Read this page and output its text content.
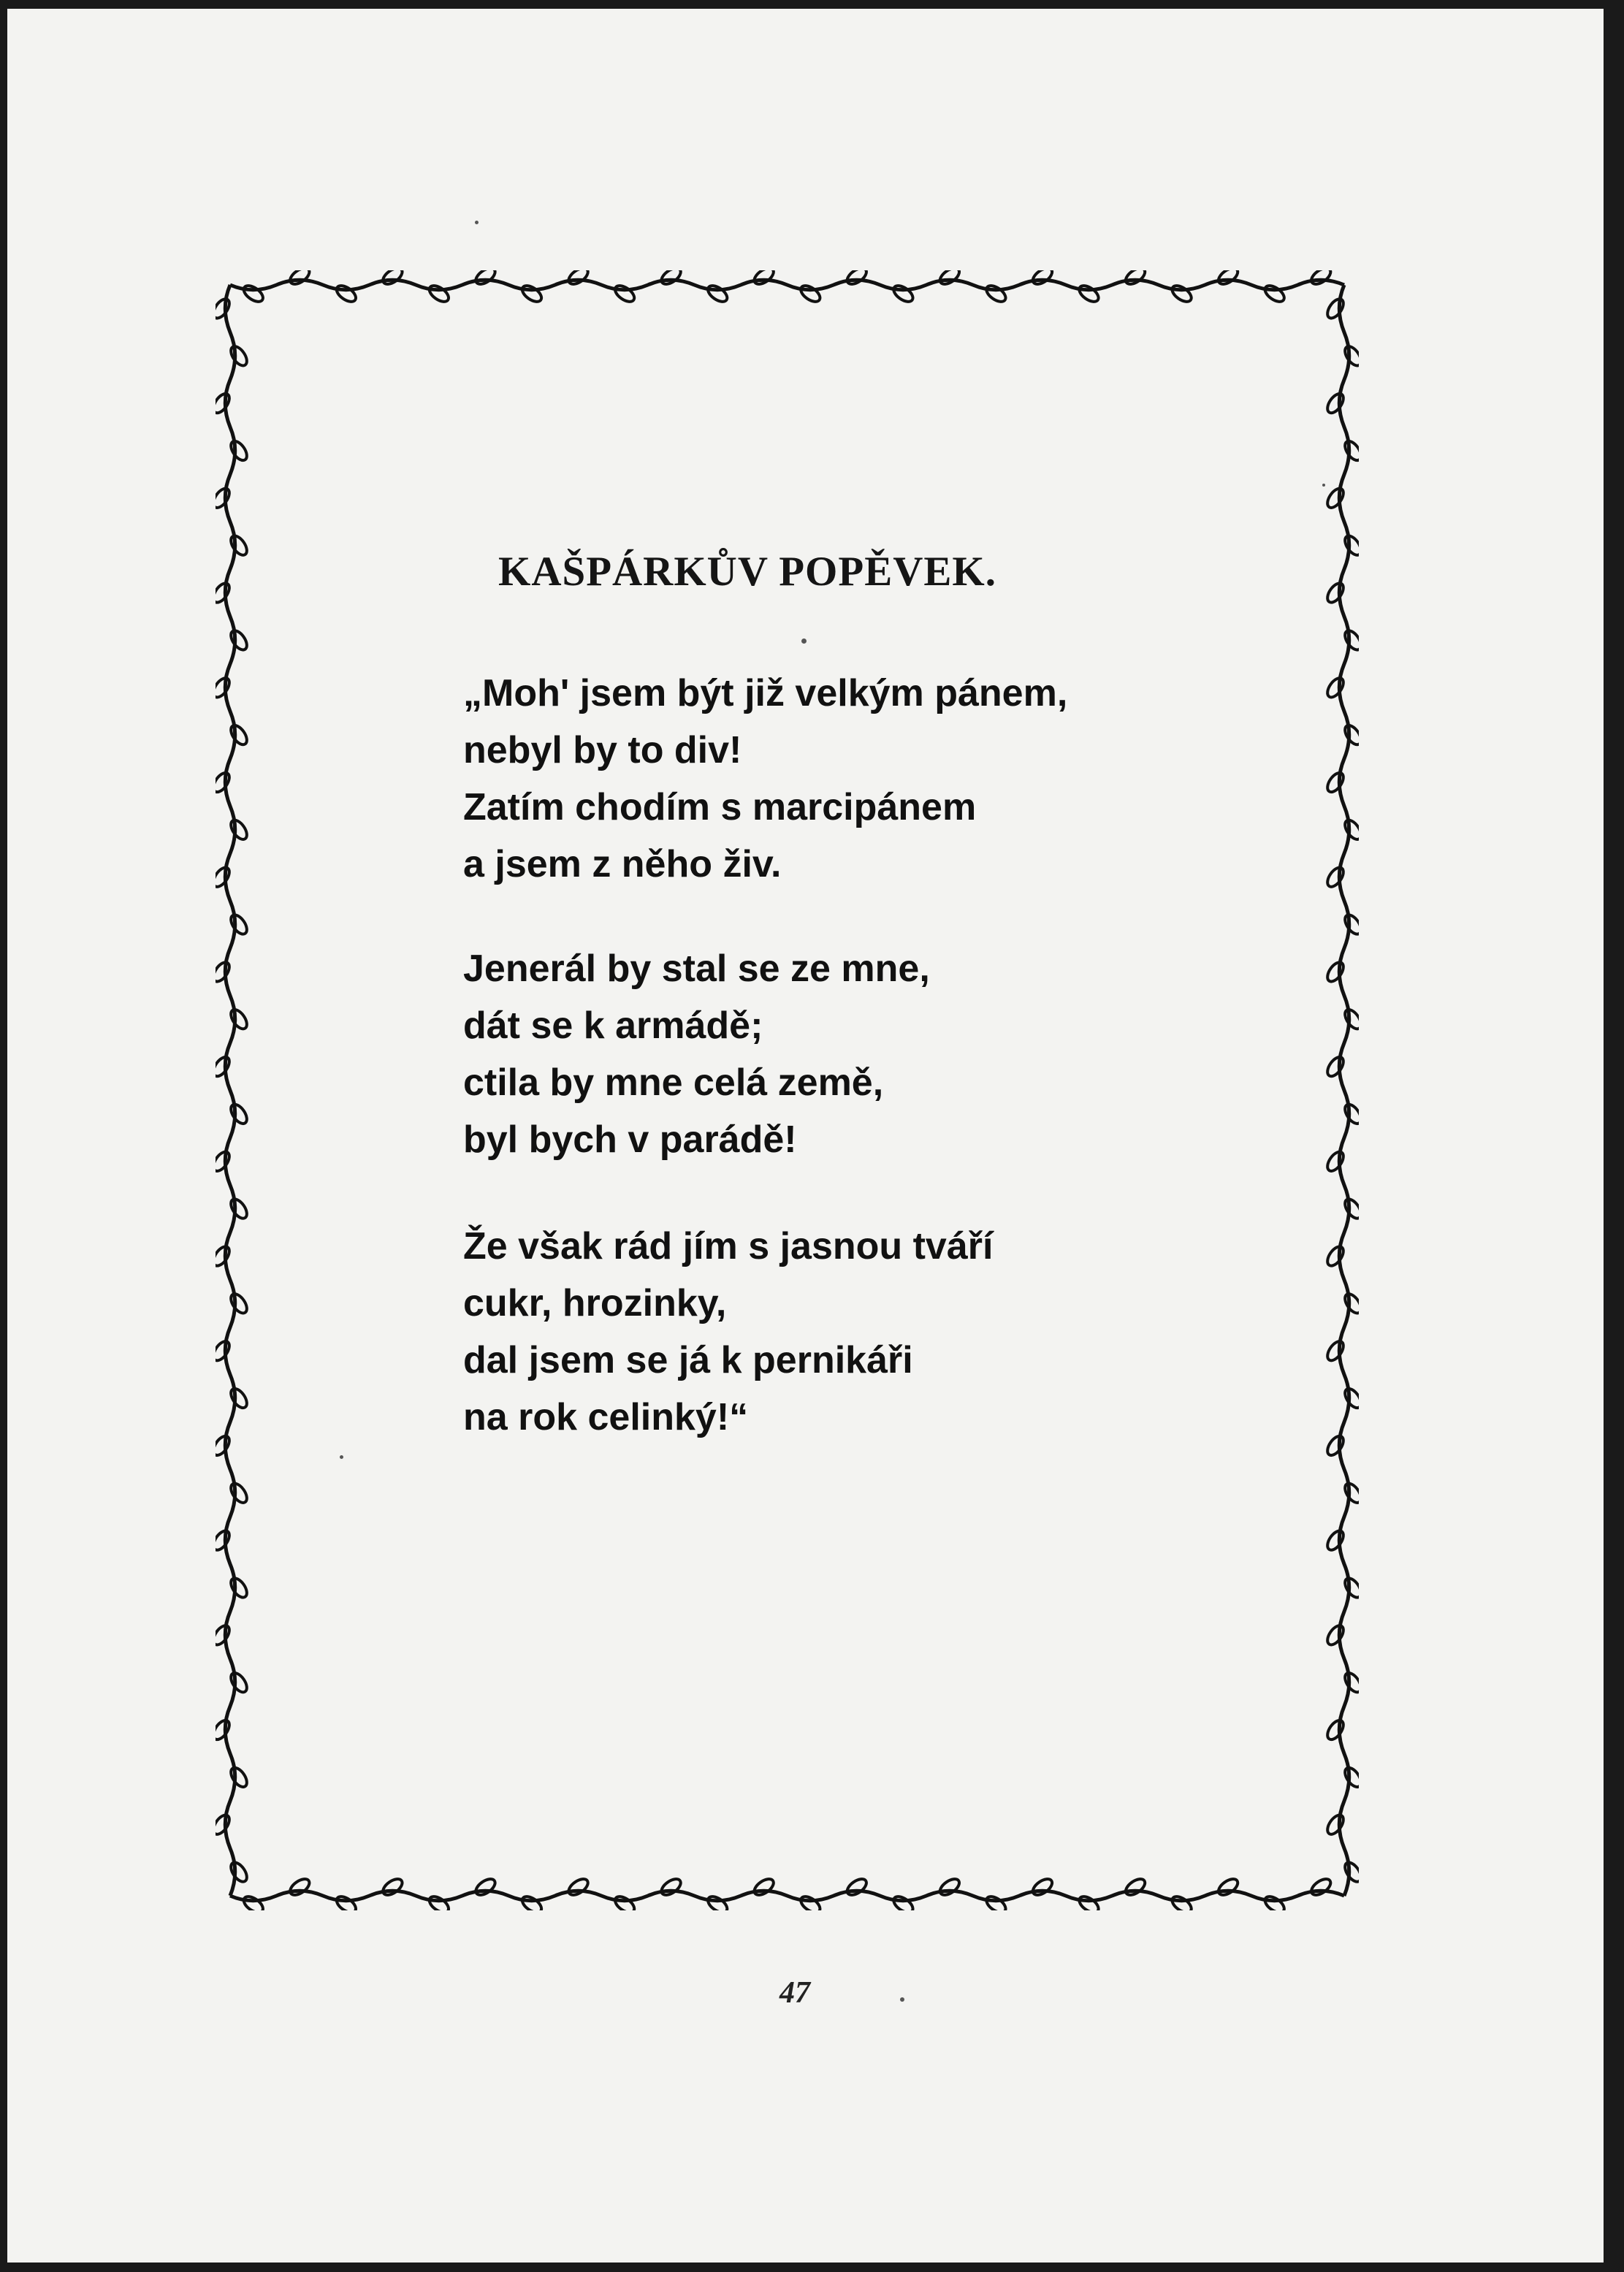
KAŠPÁRKŮV POPĚVEK.

„Moh' jsem být již velkým pánem,
nebyl by to div!
Zatím chodím s marcipánem
a jsem z něho živ.

Jenerál by stal se ze mne,
dát se k armádě;
ctila by mne celá země,
byl bych v parádě!

Že však rád jím s jasnou tváří
cukr, hrozinky,
dal jsem se já k pernikáři
na rok celinký!“

47
